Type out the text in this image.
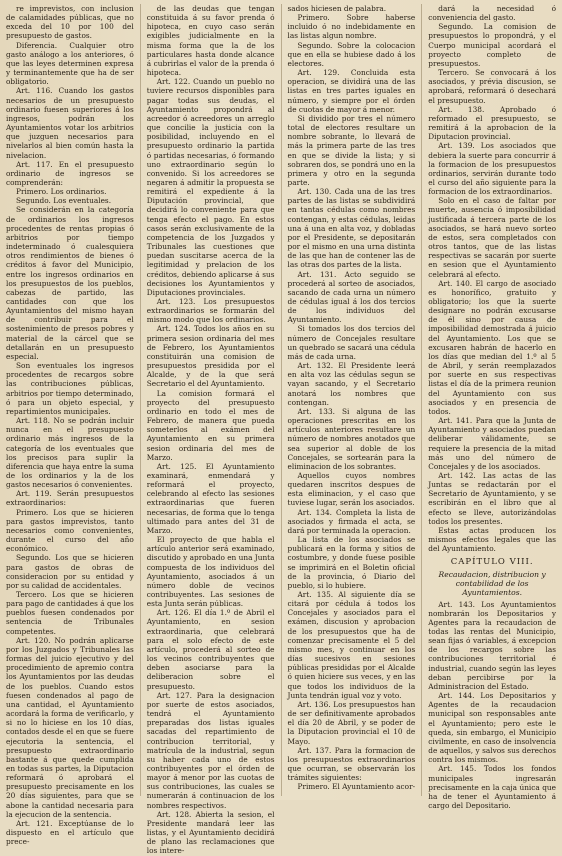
re imprevistos, con inclusion de calamidades públicas, que no exceda del 10 por 100 del presupuesto de gastos.

Diferencia. Cualquier otro gasto análogo a los anteriores, ó que las leyes determinen expresa y terminantemente que ha de ser obligatorio.

Art. 116. Cuando los gastos necesarios de un presupuesto ordinario fuesen superiores á los ingresos, podrán los Ayuntamientos votar los arbitrios que juzguen necesarios para nivelarlos al bien común hasta la nivelacion.

Art. 117. En el presupuesto ordinario de ingresos se comprenderán:

Primero. Los ordinarios.

Segundo. Los eventuales.

Se considerán en la categoría de ordinarios los ingresos procedentes de rentas propias ó arbitrios por tiempo indeterminado ó cualesquiera otros rendimientos de bienes ó créditos á favor del Municipio, entre los ingresos ordinarios en los presupuestos de los pueblos, cabezas de partido, las cantidades con que los Ayuntamientos del mismo hayan de contribuir para el sostenimiento de presos pobres y material de la cárcel que se detallarán en un presupuesto especial.

Son eventuales los ingresos procedentes de recargos sobre las contribuciones públicas, arbitrios por tiempo determinado, ó para un objeto especial, y repartimientos municipales.

Art. 118. No se podrán incluir nunca en el presupuesto ordinario más ingresos de la categoría de los eventuales que los precisos para suplir la diferencia que haya entre la suma de los ordinarios y la de los gastos necesarios ó convenientes.

Art. 119. Serán presupuestos extraordinarios:

Primero. Los que se hicieren para gastos imprevistos, tanto necesarios como convenientes, durante el curso del año económico.

Segundo. Los que se hicieren para gastos de obras de consideracion por su entidad y por su calidad de accidentales.

Tercero. Los que se hicieren para pago de cantidades á que los pueblos fuesen condenados por sentencia de Tribunales competentes.

Art. 120. No podrán aplicarse por los Juzgados y Tribunales las formas del juicio ejecutivo y del procedimiento de apremio contra los Ayuntamientos por las deudas de los pueblos. Cuando estos fuesen condenados al pago de una cantidad, el Ayuntamiento acordará la forma de verificarlo, y si no lo hiciese en los 10 días, contados desde el en que se fuere ejecutoria la sentencia, el presupuesto extraordinario bastante á que quede cumplida en todas sus partes, la Diputacion reformará ó aprobará el presupuesto precisamente en los 20 días siguientes, para que se abone la cantidad necesaria para la ejecucion de la sentencia.

Art. 121. Exceptúanse de lo dispuesto en el artículo que prece-

de las deudas que tengan constituida á su favor prenda ó hipoteca, en cuyo caso serán exigibles judicialmente en la misma forma que la de los particulares hasta donde alcance á cubrirlas el valor de la prenda ó hipoteca.

Art. 122. Cuando un pueblo no tuviere recursos disponibles para pagar todas sus deudas, el Ayuntamiento propondrá al acreedor ó acreedores un arreglo que concilie la justicia con la posibilidad, incluyendo en el presupuesto ordinario la partida ó partidas necesarias, ó formando uno extraordinario según lo convenido. Si los acreedores se negaren á admitir la propuesta se remitirá el expediente á la Diputación provincial, que decidirá lo conveniente para que tenga efecto el pago. En estos casos serán exclusivamente de la competencia de los Juzgados y Tribunales las cuestiones que puedan suscitarse acerca de la legitimidad y prelacion de los créditos, debiendo aplicarse á sus decisiones los Ayuntamientos y Diputaciones provinciales.

Art. 123. Los presupuestos extraordinarios se formarán del mismo modo que los ordinarios.

Art. 124. Todos los años en su primera sesion ordinaria del mes de Febrero, los Ayuntamientos constituirán una comision de presupuestos presidida por el Alcalde, y de la que será Secretario el del Ayuntamiento.

La comision formará el proyecto del presupuesto ordinario en todo el mes de Febrero, de manera que pueda someterlos al exámen del Ayuntamiento en su primera sesion ordinaria del mes de Marzo.

Art. 125. El Ayuntamiento examinará, enmendará y reformará el proyecto, celebrando al efecto las sesiones extraordinarias que fueren necesarias, de forma que lo tenga ultimado para antes del 31 de Marzo.

El proyecto de que habla el artículo anterior será examinado, discutido y aprobado en una Junta compuesta de los individuos del Ayuntamiento, asociados á un número doble de vecinos contribuyentes. Las sesiones de esta Junta serán públicas.

Art. 126. El día 1.º de Abril el Ayuntamiento, en sesion extraordinaria, que celebrará para el solo efecto de este artículo, procederá al sorteo de los vecinos contribuyentes que deben asociarse para la deliberacion sobre el presupuesto.

Art. 127. Para la designacion por suerte de estos asociados, tendrá el Ayuntamiento preparadas dos listas iguales sacadas del repartimiento de contribucion territorial, y matrícula de la industrial, segun su haber cada uno de estos contribuyentes por el órden de mayor á menor por las cuotas de sus contribuciones, las cuales se numerarán á continuacion de los nombres respectivos.

Art. 128. Abierta la sesion, el Presidente mandará leer las listas, y el Ayuntamiento decidirá de plano las reclamaciones que los intere-

sados hiciesen de palabra.

Primero. Sobre haberse incluido ó no indebidamente en las listas algun nombre.

Segundo. Sobre la colocacion que en ella se hubiese dado á los electores.

Art. 129. Concluida esta operacion, se dividirá una de las listas en tres partes iguales en número, y siempre por el órden de cuotas de mayor á menor.

Si dividido por tres el número total de electores resultare un nombre sobrante, lo llevará de más la primera parte de las tres en que se divide la lista; y si sobraren dos, se pondrá uno en la primera y otro en la segunda parte.

Art. 130. Cada una de las tres partes de las listas se subdividirá en tantas cédulas como nombres contengan, y estas cédulas, leidas una á una en alta voz, y dobladas por el Presidente, se depositarán por el mismo en una urna distinta de las que han de contener las de las otras dos partes de la lista.

Art. 131. Acto seguido se procederá al sorteo de asociados, sacando de cada urna un número de cédulas igual á los dos tercios de los individuos del Ayuntamiento.

Si tomados los dos tercios del número de Concejales resultare un quebrado se sacará una cédula más de cada urna.

Art. 132. El Presidente leerá en alta voz las cédulas segun se vayan sacando, y el Secretario anotará los nombres que contengan.

Art. 133. Si alguna de las operaciones prescritas en los artículos anteriores resultare un número de nombres anotados que sea superior al doble de los Concejales, se sortearán para la eliminacion de los sobrantes.

Aquellos cuyos nombres quedaren inscritos despues de esta eliminacion, y el caso que tuviese lugar, serán los asociados.

Art. 134. Completa la lista de asociados y firmada el acta, se dará por terminada la operacion.

La lista de los asociados se publicará en la forma y sitios de costumbre, y donde fuese posible se imprimirá en el Boletin oficial de la provincia, ó Diario del pueblo, si lo hubiere.

Art. 135. Al siguiente día se citará por cédula á todos los Concejales y asociados para el exámen, discusion y aprobacion de los presupuestos que ha de comenzar precisamente el 5 del mismo mes, y continuar en los días sucesivos en sesiones públicas presididas por el Alcalde ó quien hiciere sus veces, y en las que todos los individuos de la Junta tendrán igual voz y voto.

Art. 136. Los presupuestos han de ser definitivamente aprobados el día 20 de Abril, y se poder de la Diputacion provincial el 10 de Mayo.

Art. 137. Para la formacion de los presupuestos extraordinarios que ocurran, se observarán los trámites siguientes:

Primero. El Ayuntamiento acor-

dará la necesidad ó conveniencia del gasto.

Segundo. La comision de presupuestos lo propondrá, y el Cuerpo municipal acordará el proyecto completo de presupuestos.

Tercero. Se convocará á los asociados, y prévia discusion, se aprobará, reformará ó desechará el presupuesto.

Art. 138. Aprobado ó reformado el presupuesto, se remitirá á la aprobacion de la Diputacion provincial.

Art. 139. Los asociados que debiera la suerte para concurrir á la formacion de los presupuestos ordinarios, servirán durante todo el curso del año siguiente para la formacion de los extraordinarios.

Solo en el caso de faltar por muerte, ausencia ó imposibilidad justificada á tercera parte de los asociados, se hará nuevo sorteo de estos, sera completados con otros tantos, que de las listas respectivas se sacarán por suerte en sesion que el Ayuntamiento celebrará al efecto.

Art. 140. El cargo de asociado es honorífico, gratuito y obligatorio; los que la suerte designare no podrán excusarse de él sino por causa de imposibilidad demostrada á juicio del Ayuntamiento. Los que se excusaren habrán de hacerlo en los días que median del 1.º al 5 de Abril, y serán reemplazados por suerte en sus respectivas listas el día de la primera reunion del Ayuntamiento con sus asociados y en presencia de todos.

Art. 141. Para que la Junta de Ayuntamiento y asociados puedan deliberar válidamente, se requiere la presencia de la mitad más uno del número de Concejales y de los asociados.

Art. 142. Las actas de las Juntas se redactarán por el Secretario de Ayuntamiento, y se escribirán en el libro que al efecto se lleve, autorizándolas todos los presentes.

Estas actas producen los mismos efectos legales que las del Ayuntamiento.

CAPÍTULO VIII.
Recaudacion, distribucion y contabilidad de los Ayuntamientos.

Art. 143. Los Ayuntamientos nombrarán los Depositarios y Agentes para la recaudacion de todas las rentas del Municipio, sean fijas ó variables, á excepcion de los recargos sobre las contribuciones territorial é industrial, cuando según las leyes deban percibirse por la Administracion del Estado.

Art. 144. Los Depositarios y Agentes de la recaudacion municipal son responsables ante el Ayuntamiento; pero este le queda, sin embargo, el Municipio civilmente, en caso de insolvencia de aquellos, y salvos sus derechos contra los mismos.

Art. 145. Todos los fondos municipales ingresarán precisamente en la caja única que ha de tener el Ayuntamiento á cargo del Depositario.
